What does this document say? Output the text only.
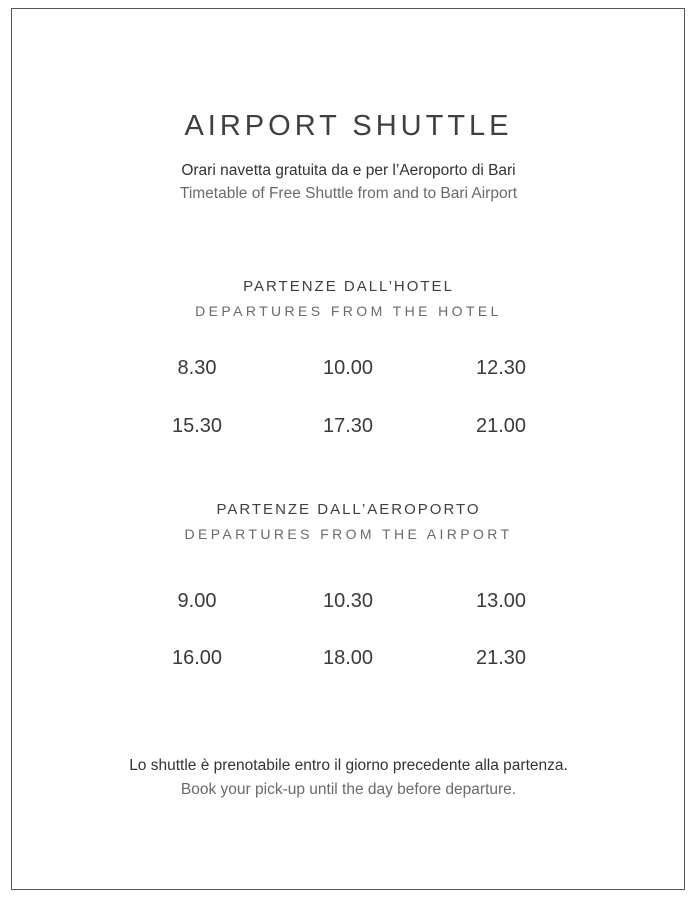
AIRPORT SHUTTLE
Orari navetta gratuita da e per l’Aeroporto di Bari
Timetable of Free Shuttle from and to Bari Airport
PARTENZE DALL’HOTEL
DEPARTURES FROM THE HOTEL
8.30	10.00	12.30
15.30	17.30	21.00
PARTENZE DALL’AEROPORTO
DEPARTURES FROM THE AIRPORT
9.00	10.30	13.00
16.00	18.00	21.30
Lo shuttle è prenotabile entro il giorno precedente alla partenza.
Book your pick-up until the day before departure.
